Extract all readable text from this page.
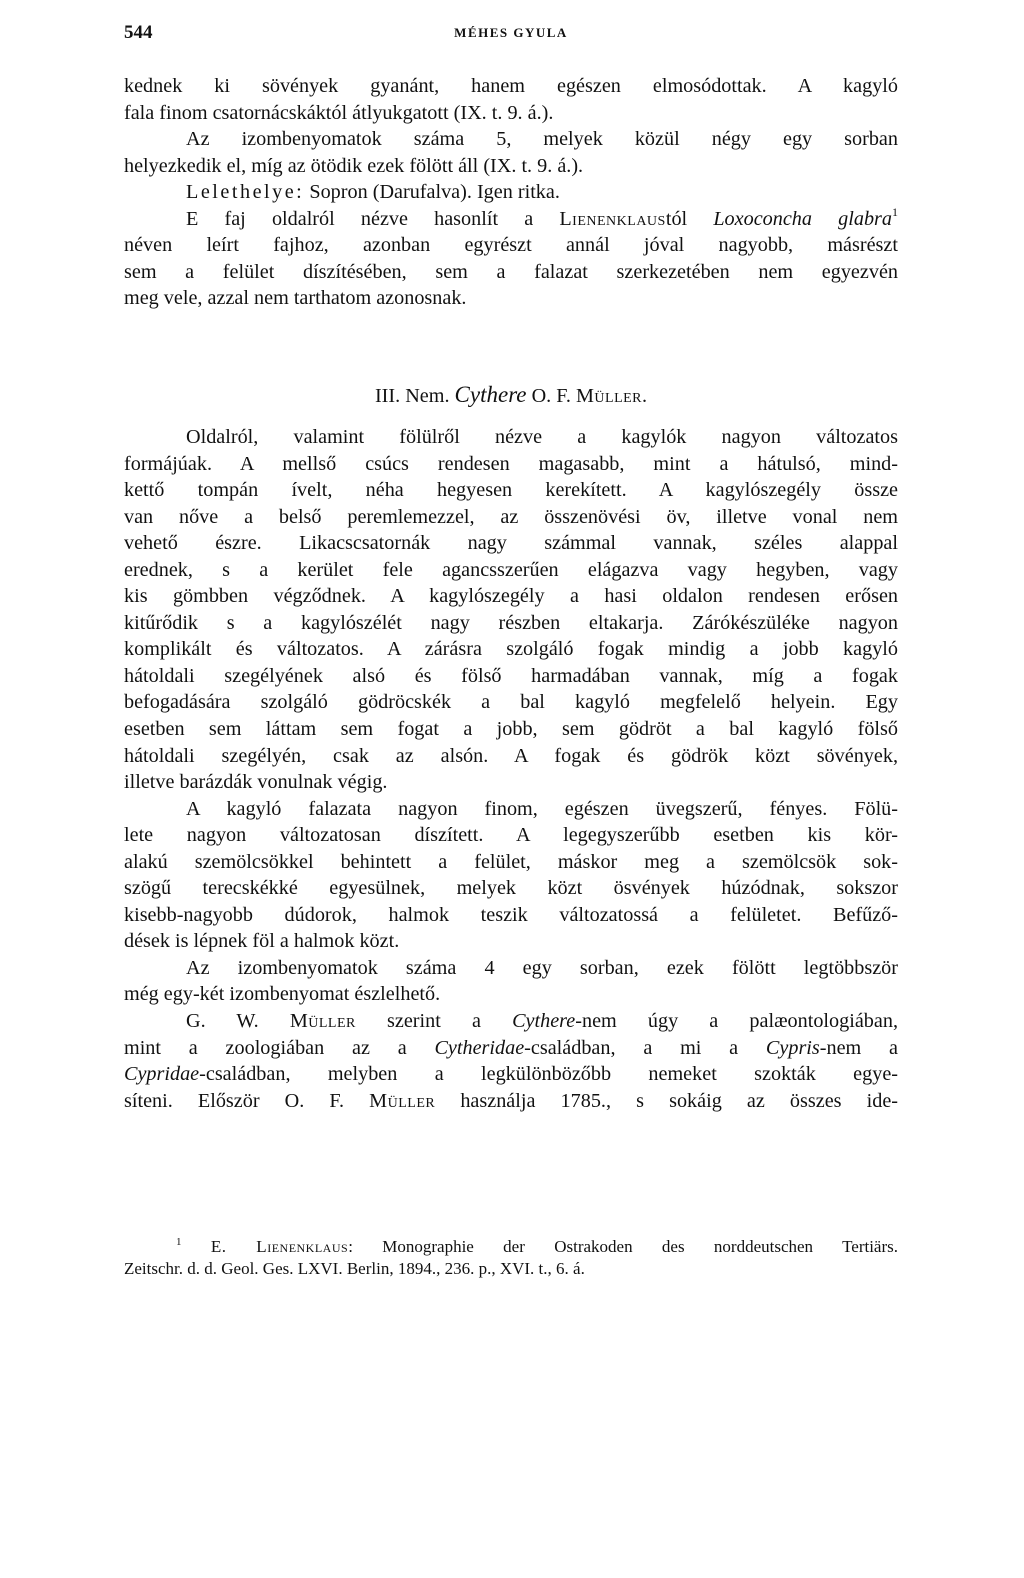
544	MÉHES GYULA
kednek ki sövények gyanánt, hanem egészen elmosódottak. A kagyló
fala finom csatornácskáktól átlyukgatott (IX. t. 9. á.).
Az izombenyomatok száma 5, melyek közül négy egy sorban
helyezkedik el, míg az ötödik ezek fölött áll (IX. t. 9. á.).
Lelethelye: Sopron (Darufalva). Igen ritka.
E faj oldalról nézve hasonlít a Lienenklaustól Loxoconcha glabra$^1$
néven leírt fajhoz, azonban egyrészt annál jóval nagyobb, másrészt
sem a felület díszítésében, sem a falazat szerkezetében nem egyezvén
meg vele, azzal nem tarthatom azonosnak.
III. Nem. Cythere O. F. Müller.
Oldalról, valamint fölülről nézve a kagylók nagyon változatos
formájúak. A mellső csúcs rendesen magasabb, mint a hátulsó, mind-
kettő tompán ívelt, néha hegyesen kerekített. A kagylószegély össze
van nőve a belső peremlemezzel, az összenövési öv, illetve vonal nem
vehető észre. Likacscsatornák nagy számmal vannak, széles alappal
erednek, s a kerület fele agancsszerűen elágazva vagy hegyben, vagy
kis gömbben végződnek. A kagylószegély a hasi oldalon rendesen erősen
kitűrődik s a kagylószélét nagy részben eltakarja. Zárókészüléke nagyon
komplikált és változatos. A zárásra szolgáló fogak mindig a jobb kagyló
hátoldali szegélyének alsó és fölső harmadában vannak, míg a fogak
befogadására szolgáló gödröcskék a bal kagyló megfelelő helyein. Egy
esetben sem láttam sem fogat a jobb, sem gödröt a bal kagyló fölső
hátoldali szegélyén, csak az alsón. A fogak és gödrök közt sövények,
illetve barázdák vonulnak végig.
A kagyló falazata nagyon finom, egészen üvegszerű, fényes. Fölü-
lete nagyon változatosan díszített. A legegyszerűbb esetben kis kör-
alakú szemölcsökkel behintett a felület, máskor meg a szemölcsök sok-
szögű terecskékké egyesülnek, melyek közt ösvények húzódnak, sokszor
kisebb-nagyobb dúdorok, halmok teszik változatossá a felületet. Befűző-
dések is lépnek föl a halmok közt.
Az izombenyomatok száma 4 egy sorban, ezek fölött legtöbbször
még egy-két izombenyomat észlelhető.
G. W. Müller szerint a Cythere-nem úgy a palæontologiában,
mint a zoologiában az a Cytheridae-családban, a mi a Cypris-nem a
Cypridae-családban, melyben a legkülönbözőbb nemeket szokták egye-
síteni. Először O. F. Müller használja 1785., s sokáig az összes ide-
$^1$ E. Lienenklaus: Monographie der Ostrakoden des norddeutschen Tertiärs.
Zeitschr. d. d. Geol. Ges. LXVI. Berlin, 1894., 236. p., XVI. t., 6. á.
